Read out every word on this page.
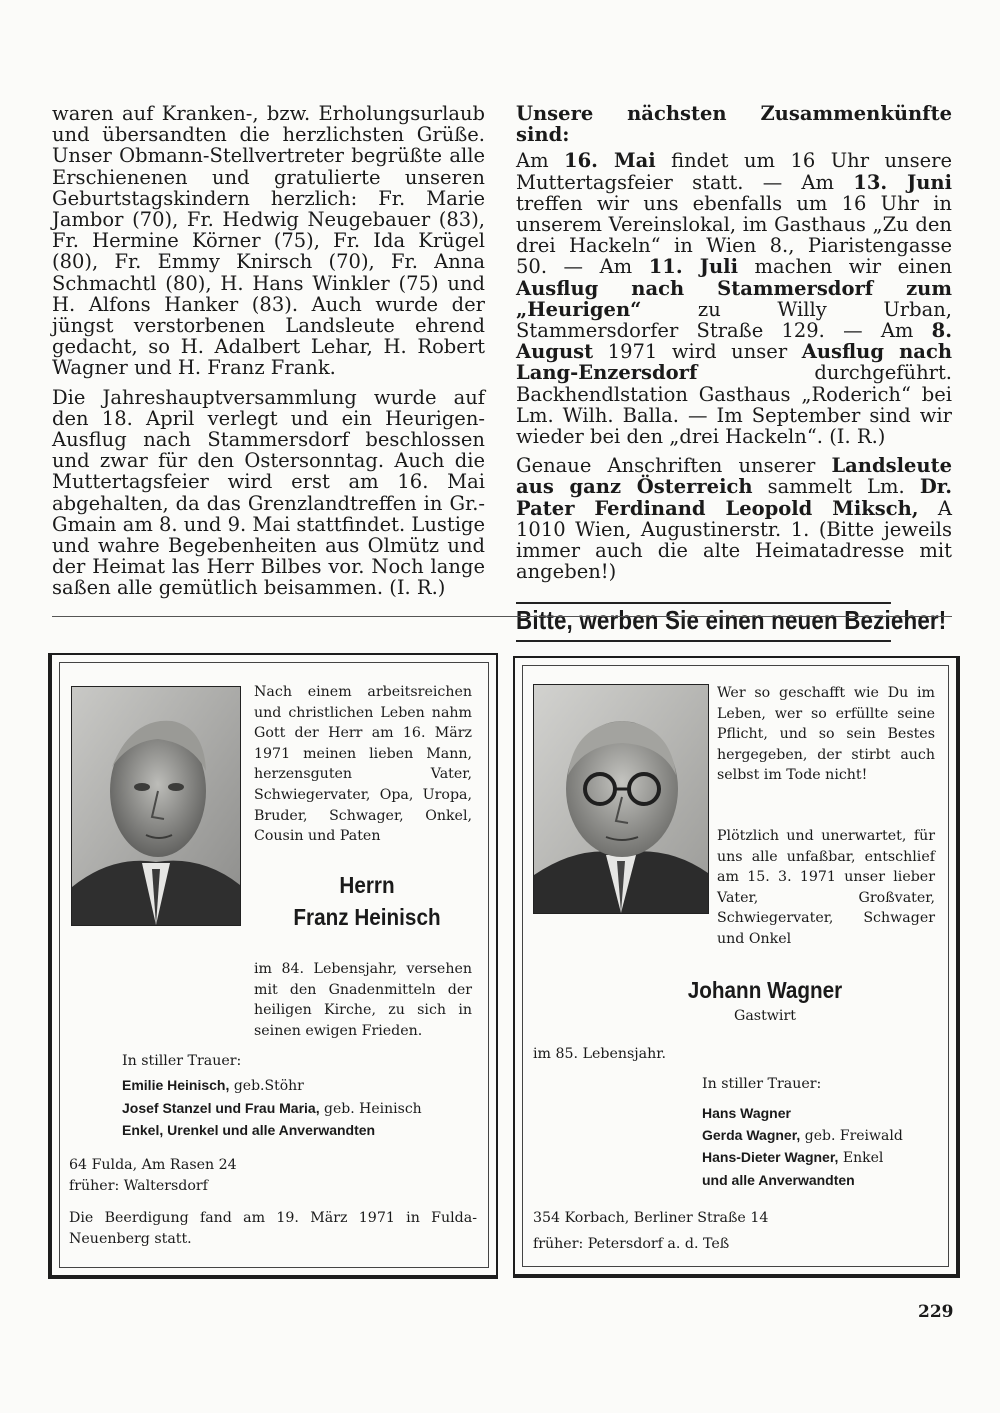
waren auf Kranken-, bzw. Erholungsurlaub und übersandten die herzlichsten Grüße. Unser Obmann-Stellvertreter begrüßte alle Erschienenen und gratulierte unseren Geburtstagskindern herzlich: Fr. Marie Jambor (70), Fr. Hedwig Neugebauer (83), Fr. Hermine Körner (75), Fr. Ida Krügel (80), Fr. Emmy Knirsch (70), Fr. Anna Schmachtl (80), H. Hans Winkler (75) und H. Alfons Hanker (83). Auch wurde der jüngst verstorbenen Landsleute ehrend gedacht, so H. Adalbert Lehar, H. Robert Wagner und H. Franz Frank.

Die Jahreshauptversammlung wurde auf den 18. April verlegt und ein Heurigen-Ausflug nach Stammersdorf beschlossen und zwar für den Ostersonntag. Auch die Muttertagsfeier wird erst am 16. Mai abgehalten, da das Grenzlandtreffen in Gr.-Gmain am 8. und 9. Mai stattfindet. Lustige und wahre Begebenheiten aus Olmütz und der Heimat las Herr Bilbes vor. Noch lange saßen alle gemütlich beisammen. (I. R.)

Unsere nächsten Zusammenkünfte sind:

Am 16. Mai findet um 16 Uhr unsere Muttertagsfeier statt. — Am 13. Juni treffen wir uns ebenfalls um 16 Uhr in unserem Vereinslokal, im Gasthaus „Zu den drei Hackeln“ in Wien 8., Piaristengasse 50. — Am 11. Juli machen wir einen Ausflug nach Stammersdorf zum „Heurigen“ zu Willy Urban, Stammersdorfer Straße 129. — Am 8. August 1971 wird unser Ausflug nach Lang-Enzersdorf durchgeführt. Backhendlstation Gasthaus „Roderich“ bei Lm. Wilh. Balla. — Im September sind wir wieder bei den „drei Hackeln“. (I. R.)

Genaue Anschriften unserer Landsleute aus ganz Österreich sammelt Lm. Dr. Pater Ferdinand Leopold Miksch, A 1010 Wien, Augustinerstr. 1. (Bitte jeweils immer auch die alte Heimatadresse mit angeben!)

Bitte, werben Sie einen neuen Bezieher!

Nach einem arbeitsreichen und christlichen Leben nahm Gott der Herr am 16. März 1971 meinen lieben Mann, herzensguten Vater, Schwiegervater, Opa, Uropa, Bruder, Schwager, Onkel, Cousin und Paten

Herrn
Franz Heinisch

im 84. Lebensjahr, versehen mit den Gnadenmitteln der heiligen Kirche, zu sich in seinen ewigen Frieden.

In stiller Trauer:

Emilie Heinisch, geb.Stöhr
Josef Stanzel und Frau Maria, geb. Heinisch
Enkel, Urenkel und alle Anverwandten

64 Fulda, Am Rasen 24

früher: Waltersdorf

Die Beerdigung fand am 19. März 1971 in Fulda-Neuenberg statt.

Wer so geschafft wie Du im Leben, wer so erfüllte seine Pflicht, und so sein Bestes hergegeben, der stirbt auch selbst im Tode nicht!

Plötzlich und unerwartet, für uns alle unfaßbar, entschlief am 15. 3. 1971 unser lieber Vater, Großvater, Schwiegervater, Schwager und Onkel

Johann Wagner

Gastwirt

im 85. Lebensjahr.

In stiller Trauer:

Hans Wagner
Gerda Wagner, geb. Freiwald
Hans-Dieter Wagner, Enkel
und alle Anverwandten

354 Korbach, Berliner Straße 14

früher: Petersdorf a. d. Teß

229
